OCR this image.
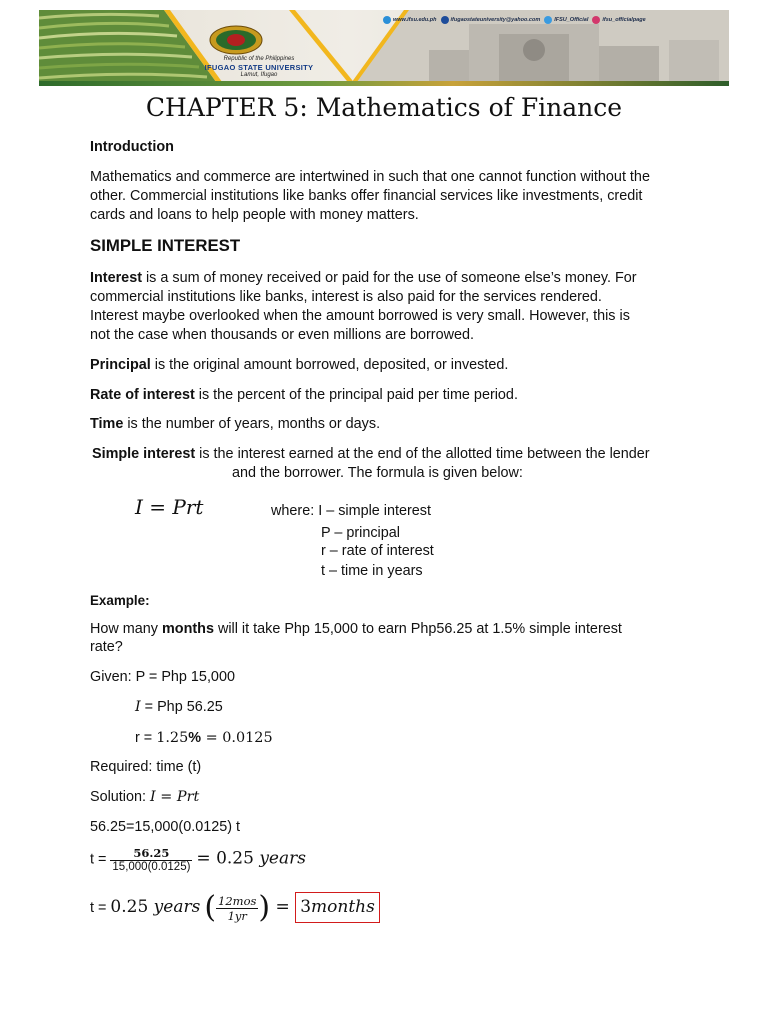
Republic of the Philippines
IFUGAO STATE UNIVERSITY
Lamut, Ifugao
www.ifsu.edu.ph	ifugaostateuniversity@yahoo.com	IFSU_Official	ifsu_officialpage
CHAPTER 5: Mathematics of Finance

Introduction

Mathematics and commerce are intertwined in such that one cannot function without the

other. Commercial institutions like banks offer financial services like investments, credit

cards and loans to help people with money matters.

SIMPLE INTEREST

Interest is a sum of money received or paid for the use of someone else’s money. For

commercial institutions like banks, interest is also paid for the services rendered.

Interest maybe overlooked when the amount borrowed is very small. However, this is

not the case when thousands or even millions are borrowed.

Principal is the original amount borrowed, deposited, or invested.

Rate of interest is the percent of the principal paid per time period.

Time is the number of years, months or days.

Simple interest is the interest earned at the end of the allotted time between the lender

and the borrower. The formula is given below:

I = Prt	where: I – simple interest

P – principal

r – rate of interest

t – time in years

Example:

How many months will it take Php 15,000 to earn Php56.25 at 1.5% simple interest

rate?

Given: P = Php 15,000

I = Php 56.25

r = 1.25% = 0.0125

Required: time (t)

Solution: I = Prt

56.25=15,000(0.0125) t

$t = \frac{56.25}{15,000(0.0125)} = 0.25$ years
t = 0.25 years ( $\frac{\text{12mos}}{1yr}$ ) = 3months
